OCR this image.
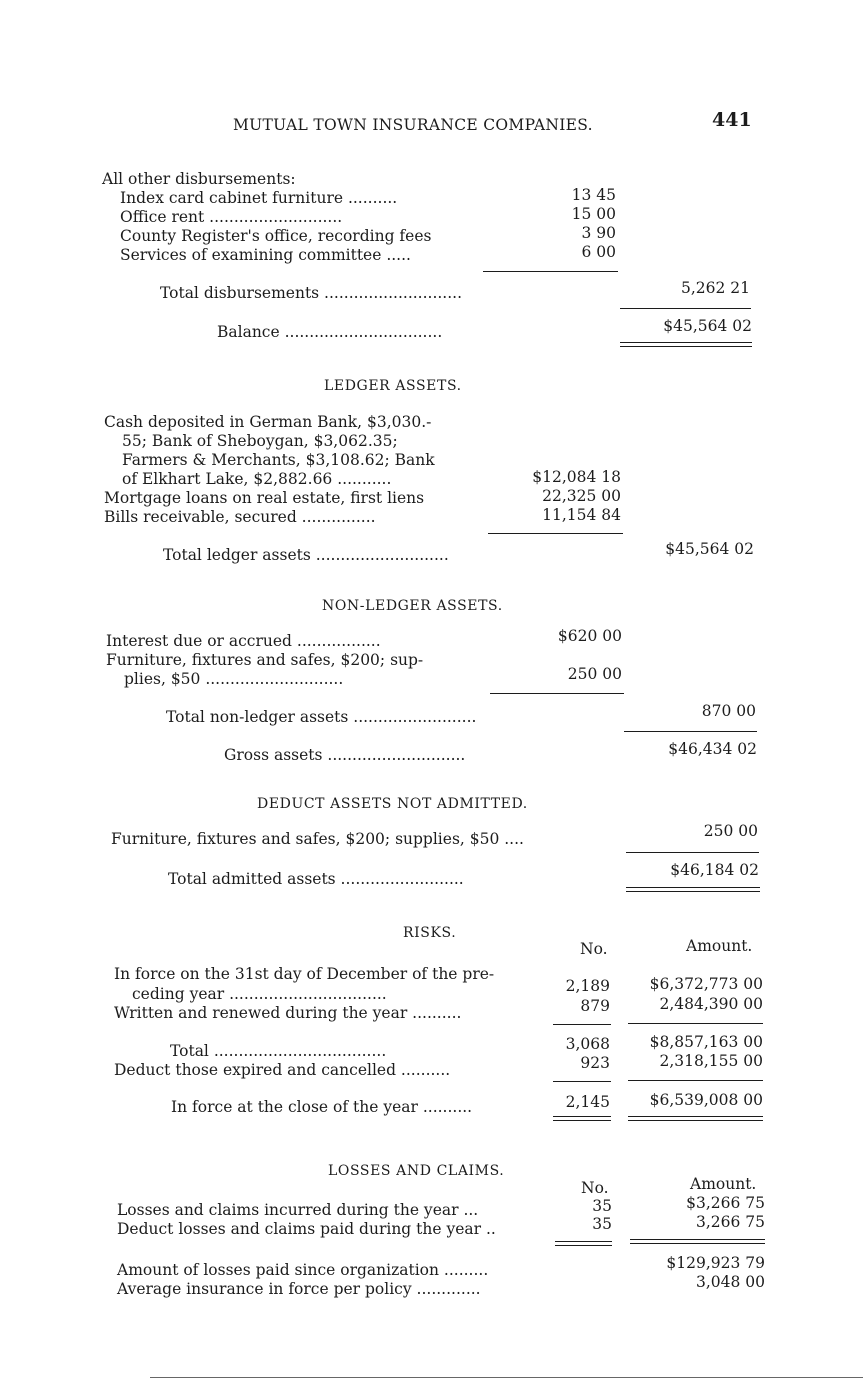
MUTUAL TOWN INSURANCE COMPANIES.	441
All other disbursements:
Index card cabinet furniture ..........	13 45
Office rent ...........................	15 00
County Register's office, recording fees	3 90
Services of examining committee .....	6 00
Total disbursements ............................	5,262 21
Balance ................................	$45,564 02
LEDGER ASSETS.
Cash deposited in German Bank, $3,030.-
55; Bank of Sheboygan, $3,062.35;
Farmers & Merchants, $3,108.62; Bank
of Elkhart Lake, $2,882.66 ...........	$12,084 18
Mortgage loans on real estate, first liens	22,325 00
Bills receivable, secured ...............	11,154 84
Total ledger assets ...........................	$45,564 02
NON-LEDGER ASSETS.
Interest due or accrued .................	$620 00
Furniture, fixtures and safes, $200; sup-
plies, $50 ............................	250 00
Total non-ledger assets .........................	870 00
Gross assets ............................	$46,434 02
DEDUCT ASSETS NOT ADMITTED.
Furniture, fixtures and safes, $200; supplies, $50 ....	250 00
Total admitted assets .........................	$46,184 02
RISKS.
No.	Amount.
In force on the 31st day of December of the pre-
ceding year ................................	2,189	$6,372,773 00
Written and renewed during the year ..........	879	2,484,390 00
Total ...................................	3,068	$8,857,163 00
Deduct those expired and cancelled ..........	923	2,318,155 00
In force at the close of the year ..........	2,145	$6,539,008 00
LOSSES AND CLAIMS.
No.	Amount.
Losses and claims incurred during the year ...	35	$3,266 75
Deduct losses and claims paid during the year ..	35	3,266 75
Amount of losses paid since organization .........	$129,923 79
Average insurance in force per policy .............	3,048 00
